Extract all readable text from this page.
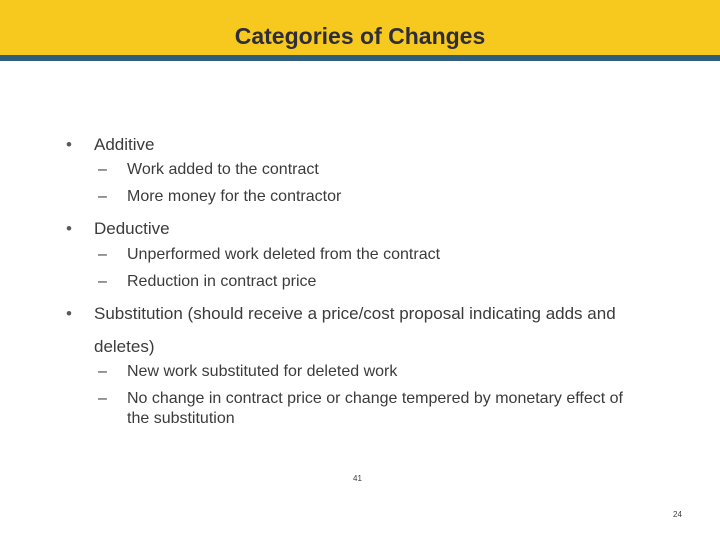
Categories of Changes
• Additive
– Work added to the contract
– More money for the contractor
• Deductive
– Unperformed work deleted from the contract
– Reduction in contract price
• Substitution (should receive a price/cost proposal indicating adds and
deletes)
– New work substituted for deleted work
– No change in contract price or change tempered by monetary effect of the substitution
41
24
